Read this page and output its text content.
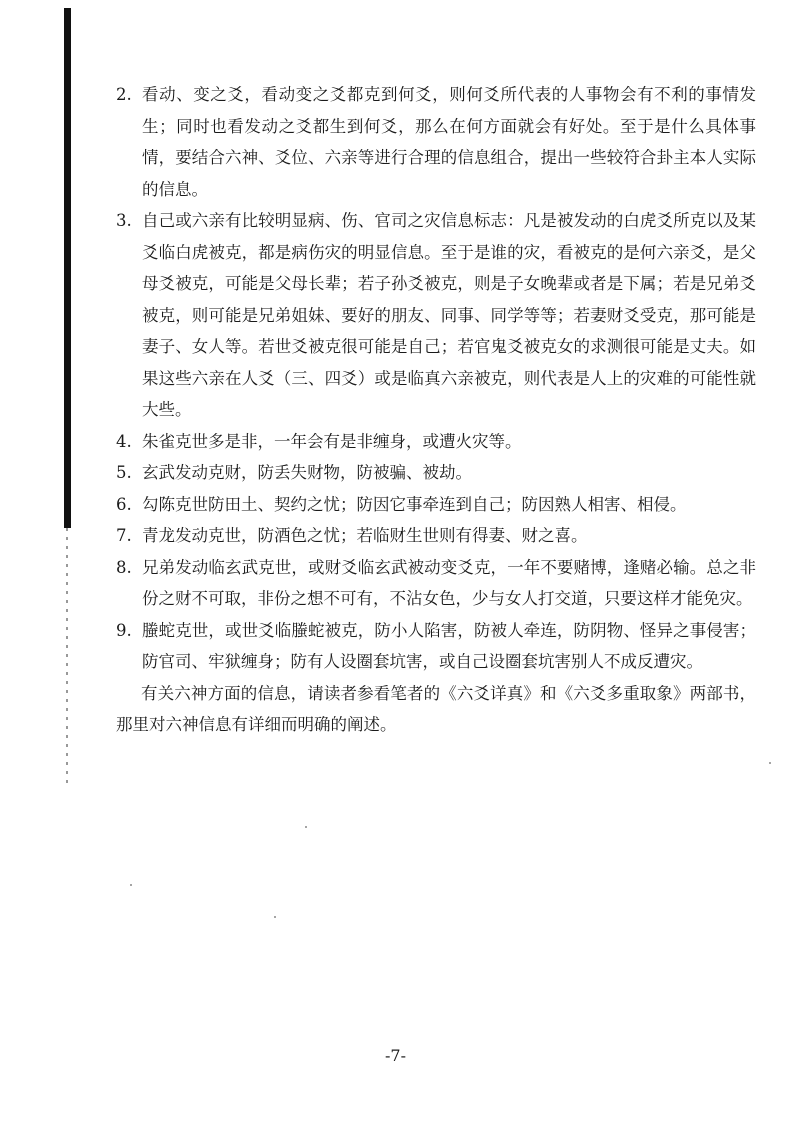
2. 看动、变之爻，看动变之爻都克到何爻，则何爻所代表的人事物会有不利的事情发生；同时也看发动之爻都生到何爻，那么在何方面就会有好处。至于是什么具体事情，要结合六神、爻位、六亲等进行合理的信息组合，提出一些较符合卦主本人实际的信息。
3. 自己或六亲有比较明显病、伤、官司之灾信息标志：凡是被发动的白虎爻所克以及某爻临白虎被克，都是病伤灾的明显信息。至于是谁的灾，看被克的是何六亲爻，是父母爻被克，可能是父母长辈；若子孙爻被克，则是子女晚辈或者是下属；若是兄弟爻被克，则可能是兄弟姐妹、要好的朋友、同事、同学等等；若妻财爻受克，那可能是妻子、女人等。若世爻被克很可能是自己；若官鬼爻被克女的求测很可能是丈夫。如果这些六亲在人爻（三、四爻）或是临真六亲被克，则代表是人上的灾难的可能性就大些。
4. 朱雀克世多是非，一年会有是非缠身，或遭火灾等。
5. 玄武发动克财，防丢失财物，防被骗、被劫。
6. 勾陈克世防田土、契约之忧；防因它事牵连到自己；防因熟人相害、相侵。
7. 青龙发动克世，防酒色之忧；若临财生世则有得妻、财之喜。
8. 兄弟发动临玄武克世，或财爻临玄武被动变爻克，一年不要赌博，逢赌必输。总之非份之财不可取，非份之想不可有，不沾女色，少与女人打交道，只要这样才能免灾。
9. 螣蛇克世，或世爻临螣蛇被克，防小人陷害，防被人牵连，防阴物、怪异之事侵害；防官司、牢狱缠身；防有人设圈套坑害，或自己设圈套坑害别人不成反遭灾。

有关六神方面的信息，请读者参看笔者的《六爻详真》和《六爻多重取象》两部书，那里对六神信息有详细而明确的阐述。

-7-
